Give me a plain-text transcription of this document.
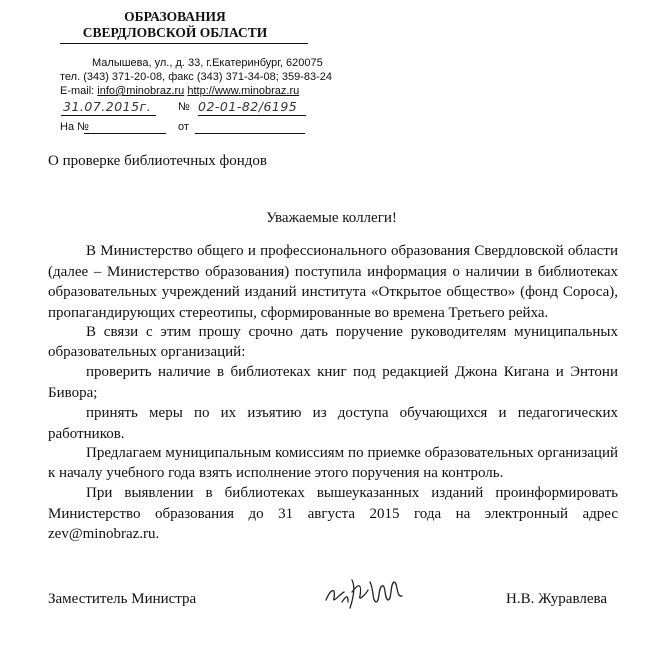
ОБРАЗОВАНИЯ
СВЕРДЛОВСКОЙ ОБЛАСТИ
Малышева, ул., д. 33, г.Екатеринбург, 620075
тел. (343) 371-20-08, факс (343) 371-34-08; 359-83-24
E-mail: info@minobraz.ru http://www.minobraz.ru
31.07.2015г. № 02-01-82/6195
На №	от
О проверке библиотечных фондов
Уважаемые коллеги!

В Министерство общего и профессионального образования Свердловской области (далее – Министерство образования) поступила информация о наличии в библиотеках образовательных учреждений изданий института «Открытое общество» (фонд Сороса), пропагандирующих стереотипы, сформированные во времена Третьего рейха.

В связи с этим прошу срочно дать поручение руководителям муниципальных образовательных организаций:

проверить наличие в библиотеках книг под редакцией Джона Кигана и Энтони Бивора;

принять меры по их изъятию из доступа обучающихся и педагогических работников.

Предлагаем муниципальным комиссиям по приемке образовательных организаций к началу учебного года взять исполнение этого поручения на контроль.

При выявлении в библиотеках вышеуказанных изданий проинформировать Министерство образования до 31 августа 2015 года на электронный адрес zev@minobraz.ru.

Заместитель Министра	Н.В. Журавлева
